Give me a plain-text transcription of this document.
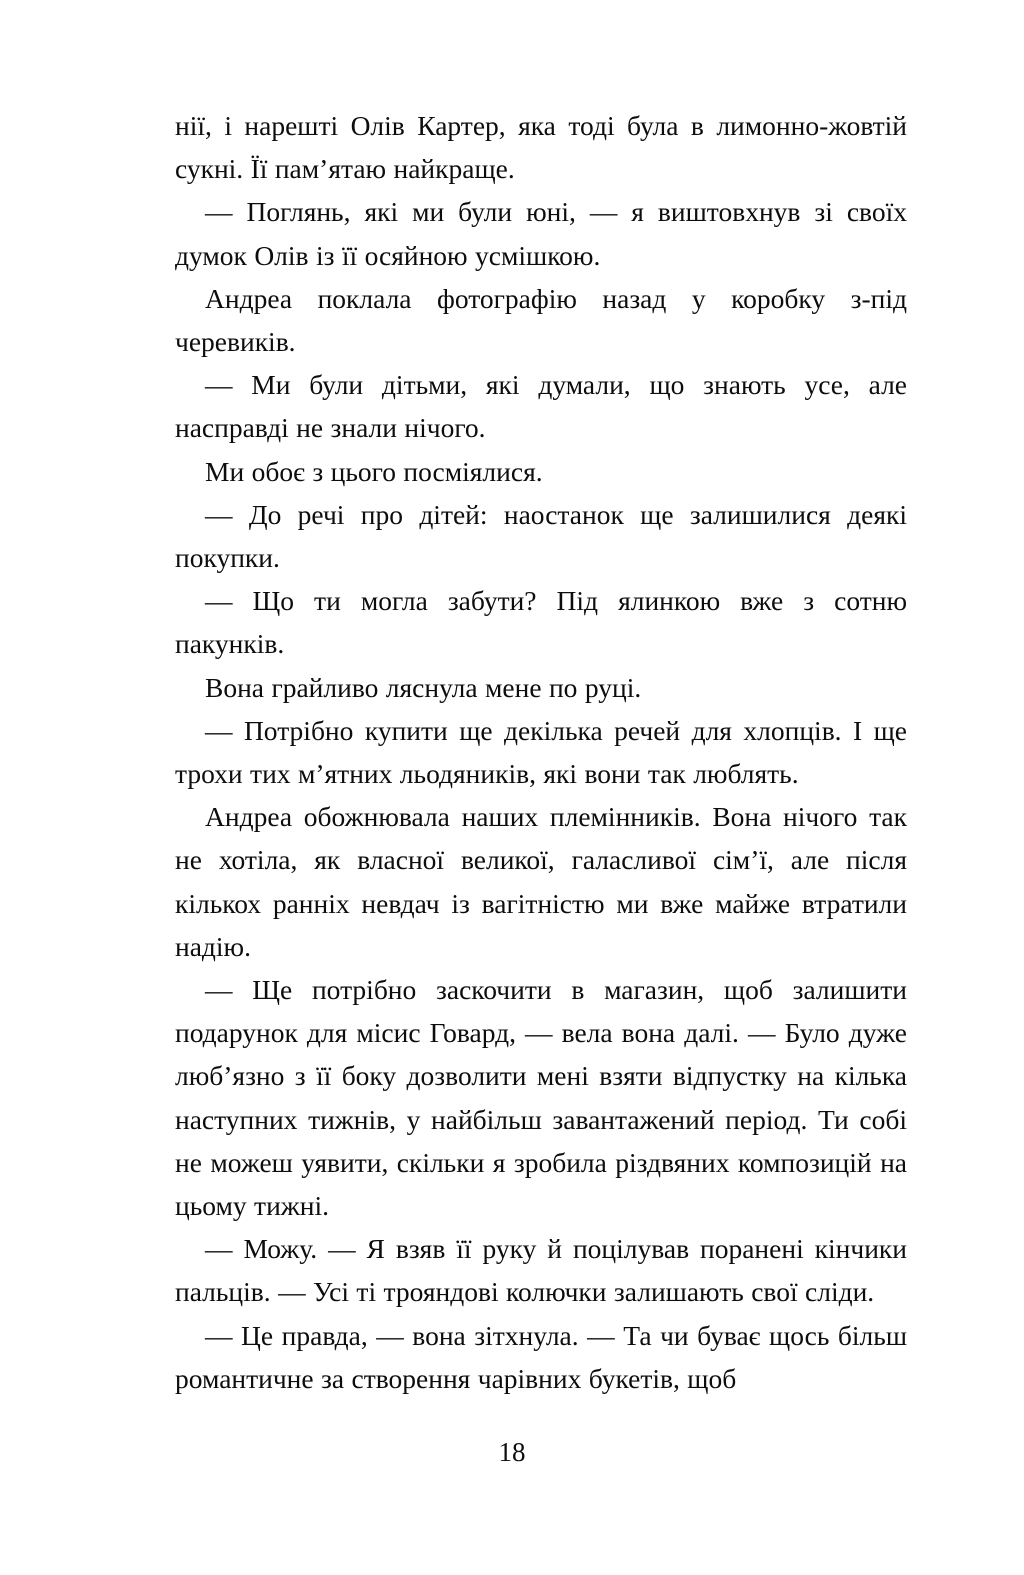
нії, і нарешті Олів Картер, яка тоді була в лимонно-жовтій сукні. Її пам’ятаю найкраще.

— Поглянь, які ми були юні, — я виштовхнув зі своїх думок Олів із її осяйною усмішкою.

Андреа поклала фотографію назад у коробку з-під черевиків.

— Ми були дітьми, які думали, що знають усе, але насправді не знали нічого.

Ми обоє з цього посміялися.

— До речі про дітей: наостанок ще залишилися деякі покупки.

— Що ти могла забути? Під ялинкою вже з сотню пакунків.

Вона грайливо ляснула мене по руці.

— Потрібно купити ще декілька речей для хлопців. І ще трохи тих м’ятних льодяників, які вони так люблять.

Андреа обожнювала наших племінників. Вона нічого так не хотіла, як власної великої, галасливої сім’ї, але після кількох ранніх невдач із вагітністю ми вже майже втратили надію.

— Ще потрібно заскочити в магазин, щоб залишити подарунок для місис Говард, — вела вона далі. — Було дуже люб’язно з її боку дозволити мені взяти відпустку на кілька наступних тижнів, у найбільш завантажений період. Ти собі не можеш уявити, скільки я зробила різдвяних композицій на цьому тижні.

— Можу. — Я взяв її руку й поцілував поранені кінчики пальців. — Усі ті трояндові колючки залишають свої сліди.

— Це правда, — вона зітхнула. — Та чи буває щось більш романтичне за створення чарівних букетів, щоб

18
